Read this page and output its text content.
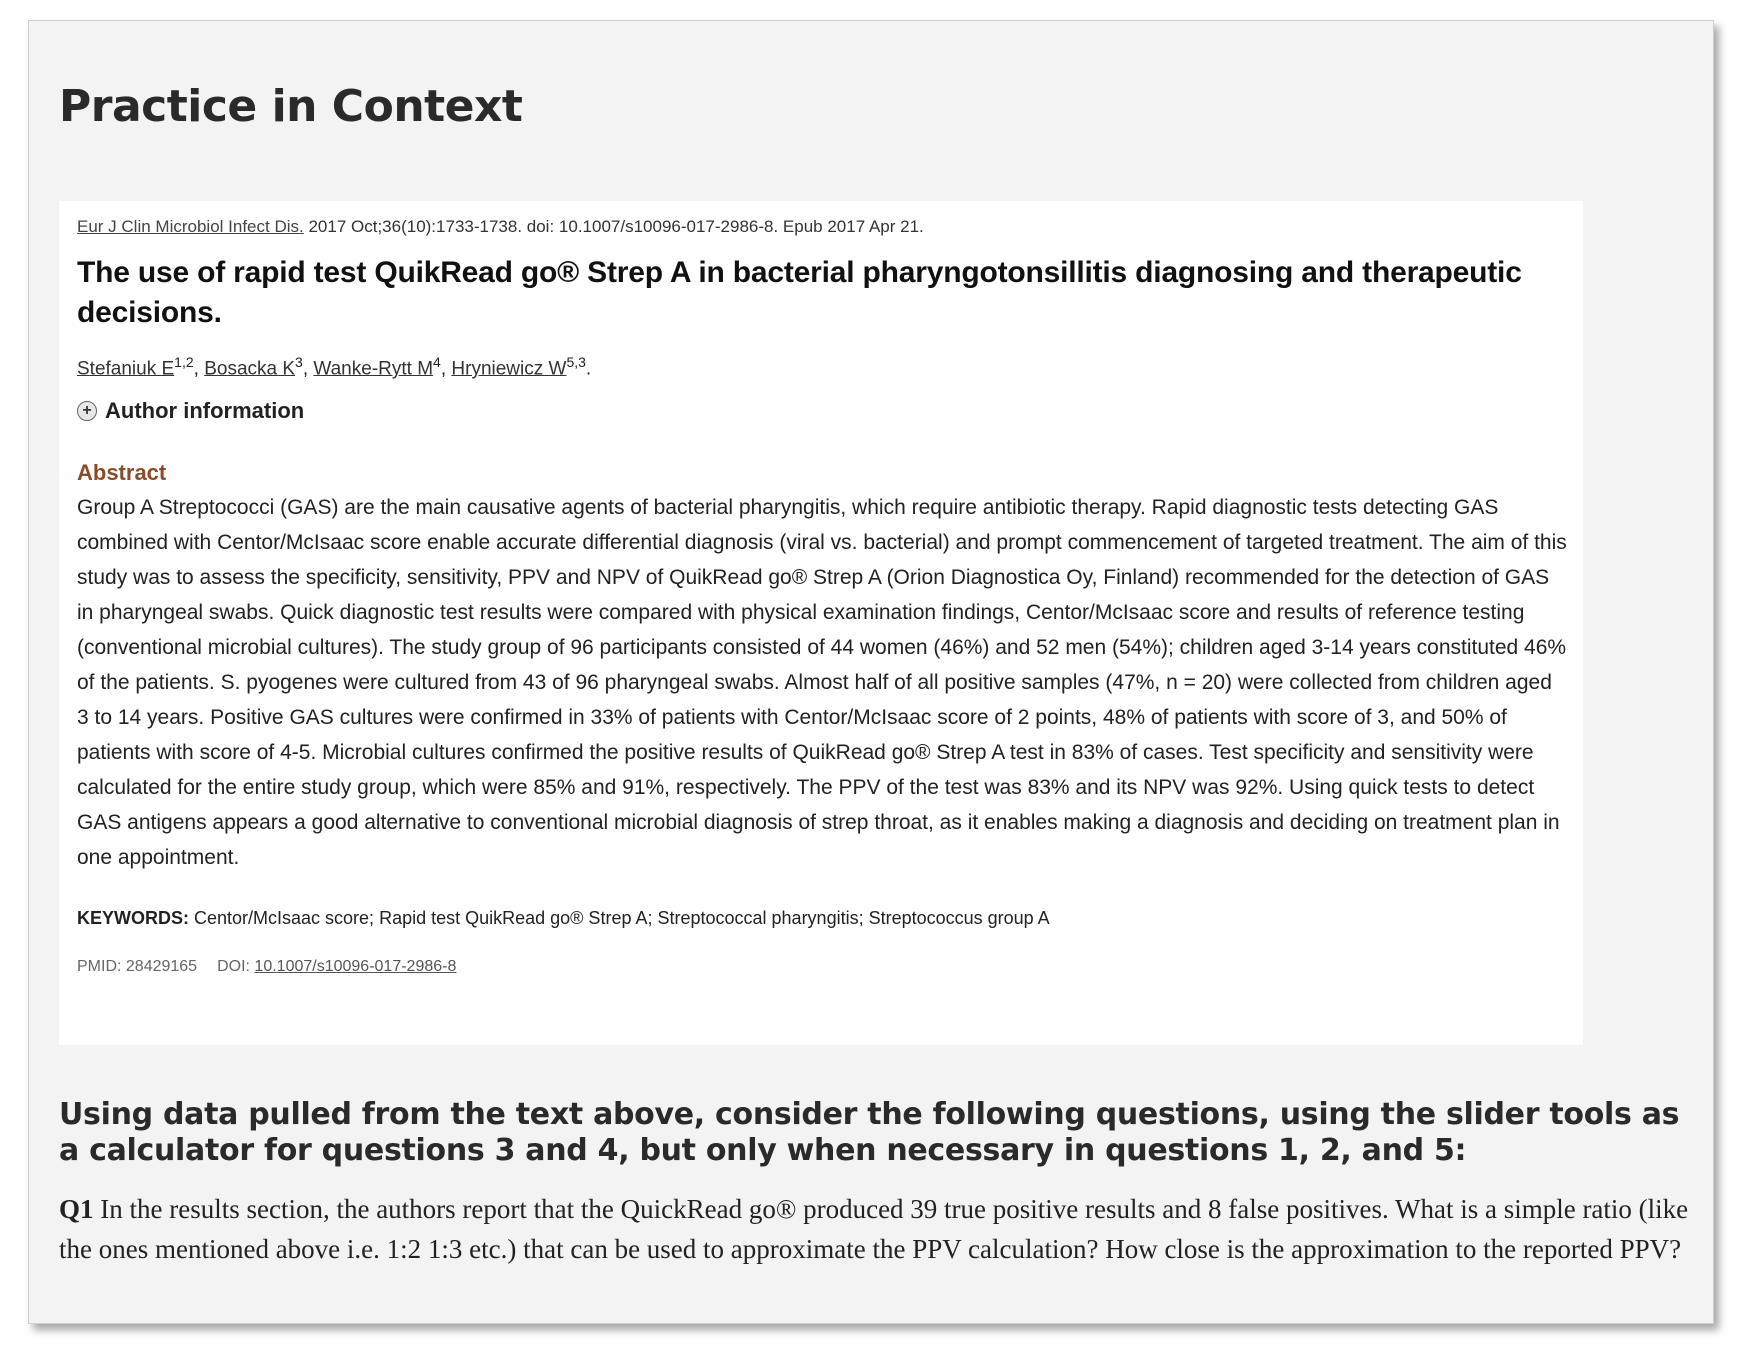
Practice in Context

Eur J Clin Microbiol Infect Dis. 2017 Oct;36(10):1733-1738. doi: 10.1007/s10096-017-2986-8. Epub 2017 Apr 21.

The use of rapid test QuikRead go® Strep A in bacterial pharyngotonsillitis diagnosing and therapeutic decisions.
Stefaniuk E$^{1,2}$, Bosacka $K^3$, Wanke-Rytt $M^4$, Hryniewicz W$^{5,3}$.
+ Author information
Abstract

Group A Streptococci (GAS) are the main causative agents of bacterial pharyngitis, which require antibiotic therapy. Rapid diagnostic tests detecting GAS combined with Centor/McIsaac score enable accurate differential diagnosis (viral vs. bacterial) and prompt commencement of targeted treatment. The aim of this study was to assess the specificity, sensitivity, PPV and NPV of QuikRead go® Strep A (Orion Diagnostica Oy, Finland) recommended for the detection of GAS in pharyngeal swabs. Quick diagnostic test results were compared with physical examination findings, Centor/McIsaac score and results of reference testing (conventional microbial cultures). The study group of 96 participants consisted of 44 women (46%) and 52 men (54%); children aged 3-14 years constituted 46% of the patients. S. pyogenes were cultured from 43 of 96 pharyngeal swabs. Almost half of all positive samples (47%, n = 20) were collected from children aged 3 to 14 years. Positive GAS cultures were confirmed in 33% of patients with Centor/McIsaac score of 2 points, 48% of patients with score of 3, and 50% of patients with score of 4-5. Microbial cultures confirmed the positive results of QuikRead go® Strep A test in 83% of cases. Test specificity and sensitivity were calculated for the entire study group, which were 85% and 91%, respectively. The PPV of the test was 83% and its NPV was 92%. Using quick tests to detect GAS antigens appears a good alternative to conventional microbial diagnosis of strep throat, as it enables making a diagnosis and deciding on treatment plan in one appointment.

KEYWORDS: Centor/McIsaac score; Rapid test QuikRead go® Strep A; Streptococcal pharyngitis; Streptococcus group A
PMID: 28429165 DOI: 10.1007/s10096-017-2986-8
Using data pulled from the text above, consider the following questions, using the slider tools as a calculator for questions 3 and 4, but only when necessary in questions 1, 2, and 5:

Q1 In the results section, the authors report that the QuickRead go® produced 39 true positive results and 8 false positives. What is a simple ratio (like the ones mentioned above i.e. 1:2 1:3 etc.) that can be used to approximate the PPV calculation? How close is the approximation to the reported PPV?
